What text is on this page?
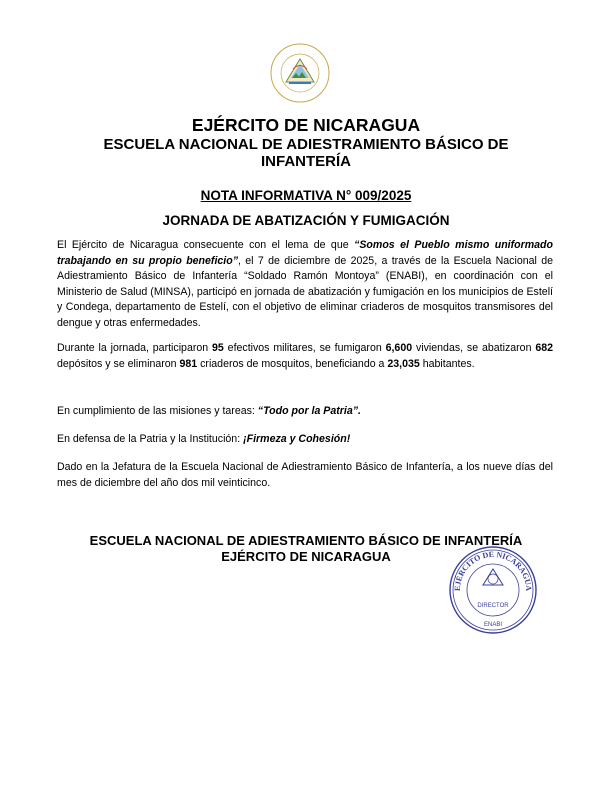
EJÉRCITO DE NICARAGUA
ESCUELA NACIONAL DE ADIESTRAMIENTO BÁSICO DE INFANTERÍA
NOTA INFORMATIVA N° 009/2025
JORNADA DE ABATIZACIÓN Y FUMIGACIÓN
El Ejército de Nicaragua consecuente con el lema de que “Somos el Pueblo mismo uniformado trabajando en su propio beneficio”, el 7 de diciembre de 2025, a través de la Escuela Nacional de Adiestramiento Básico de Infantería “Soldado Ramón Montoya” (ENABI), en coordinación con el Ministerio de Salud (MINSA), participó en jornada de abatización y fumigación en los municipios de Estelí y Condega, departamento de Estelí, con el objetivo de eliminar criaderos de mosquitos transmisores del dengue y otras enfermedades.
Durante la jornada, participaron 95 efectivos militares, se fumigaron 6,600 viviendas, se abatizaron 682 depósitos y se eliminaron 981 criaderos de mosquitos, beneficiando a 23,035 habitantes.
En cumplimiento de las misiones y tareas: “Todo por la Patria”.
En defensa de la Patria y la Institución: ¡Firmeza y Cohesión!
Dado en la Jefatura de la Escuela Nacional de Adiestramiento Básico de Infantería, a los nueve días del mes de diciembre del año dos mil veinticinco.
ESCUELA NACIONAL DE ADIESTRAMIENTO BÁSICO DE INFANTERÍA
EJÉRCITO DE NICARAGUA
EJÉRCITO DE NICARAGUA
DIRECTOR
ENABI
